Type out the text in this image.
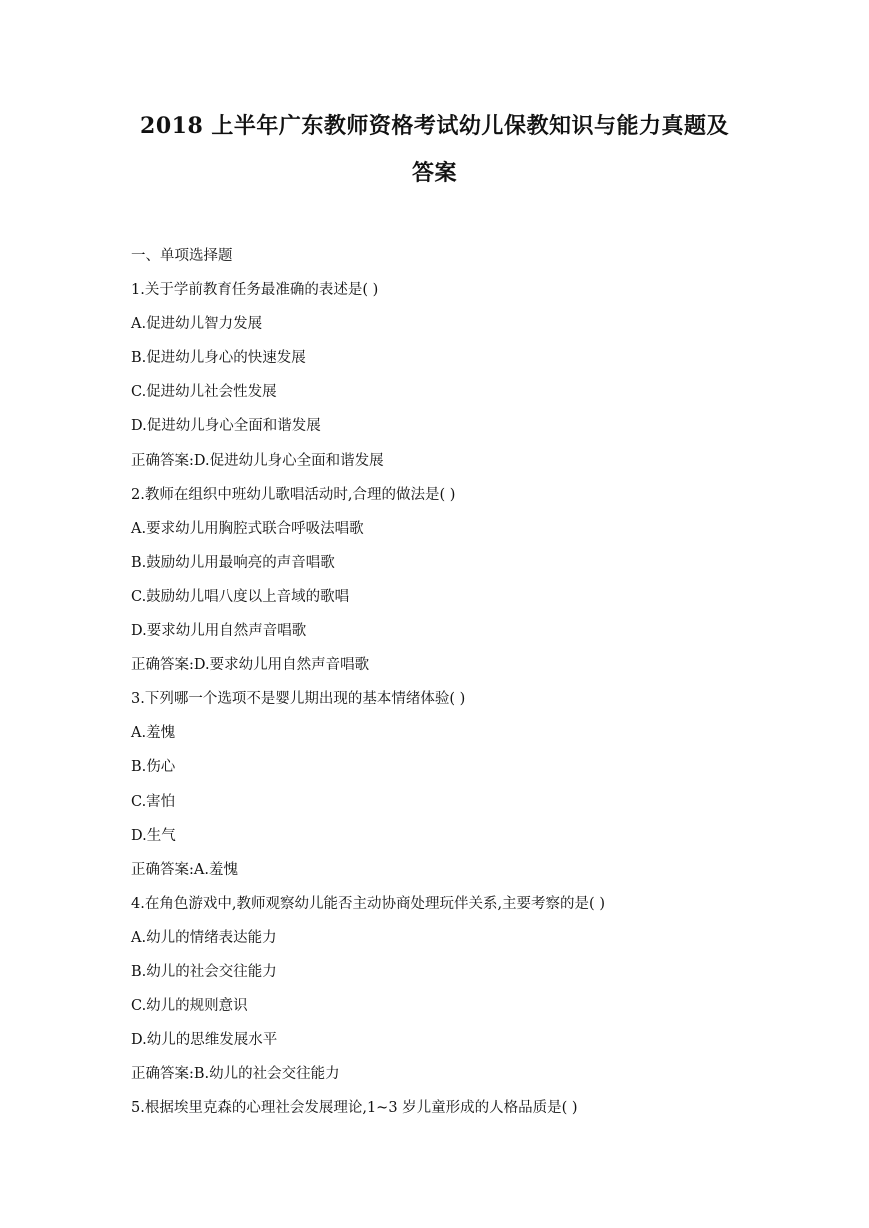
2018 上半年广东教师资格考试幼儿保教知识与能力真题及
答案
一、单项选择题
1.关于学前教育任务最准确的表述是( )
A.促进幼儿智力发展
B.促进幼儿身心的快速发展
C.促进幼儿社会性发展
D.促进幼儿身心全面和谐发展
正确答案:D.促进幼儿身心全面和谐发展
2.教师在组织中班幼儿歌唱活动时,合理的做法是( )
A.要求幼儿用胸腔式联合呼吸法唱歌
B.鼓励幼儿用最响亮的声音唱歌
C.鼓励幼儿唱八度以上音域的歌唱
D.要求幼儿用自然声音唱歌
正确答案:D.要求幼儿用自然声音唱歌
3.下列哪一个选项不是婴儿期出现的基本情绪体验( )
A.羞愧
B.伤心
C.害怕
D.生气
正确答案:A.羞愧
4.在角色游戏中,教师观察幼儿能否主动协商处理玩伴关系,主要考察的是( )
A.幼儿的情绪表达能力
B.幼儿的社会交往能力
C.幼儿的规则意识
D.幼儿的思维发展水平
正确答案:B.幼儿的社会交往能力
5.根据埃里克森的心理社会发展理论,1~3 岁儿童形成的人格品质是( )
